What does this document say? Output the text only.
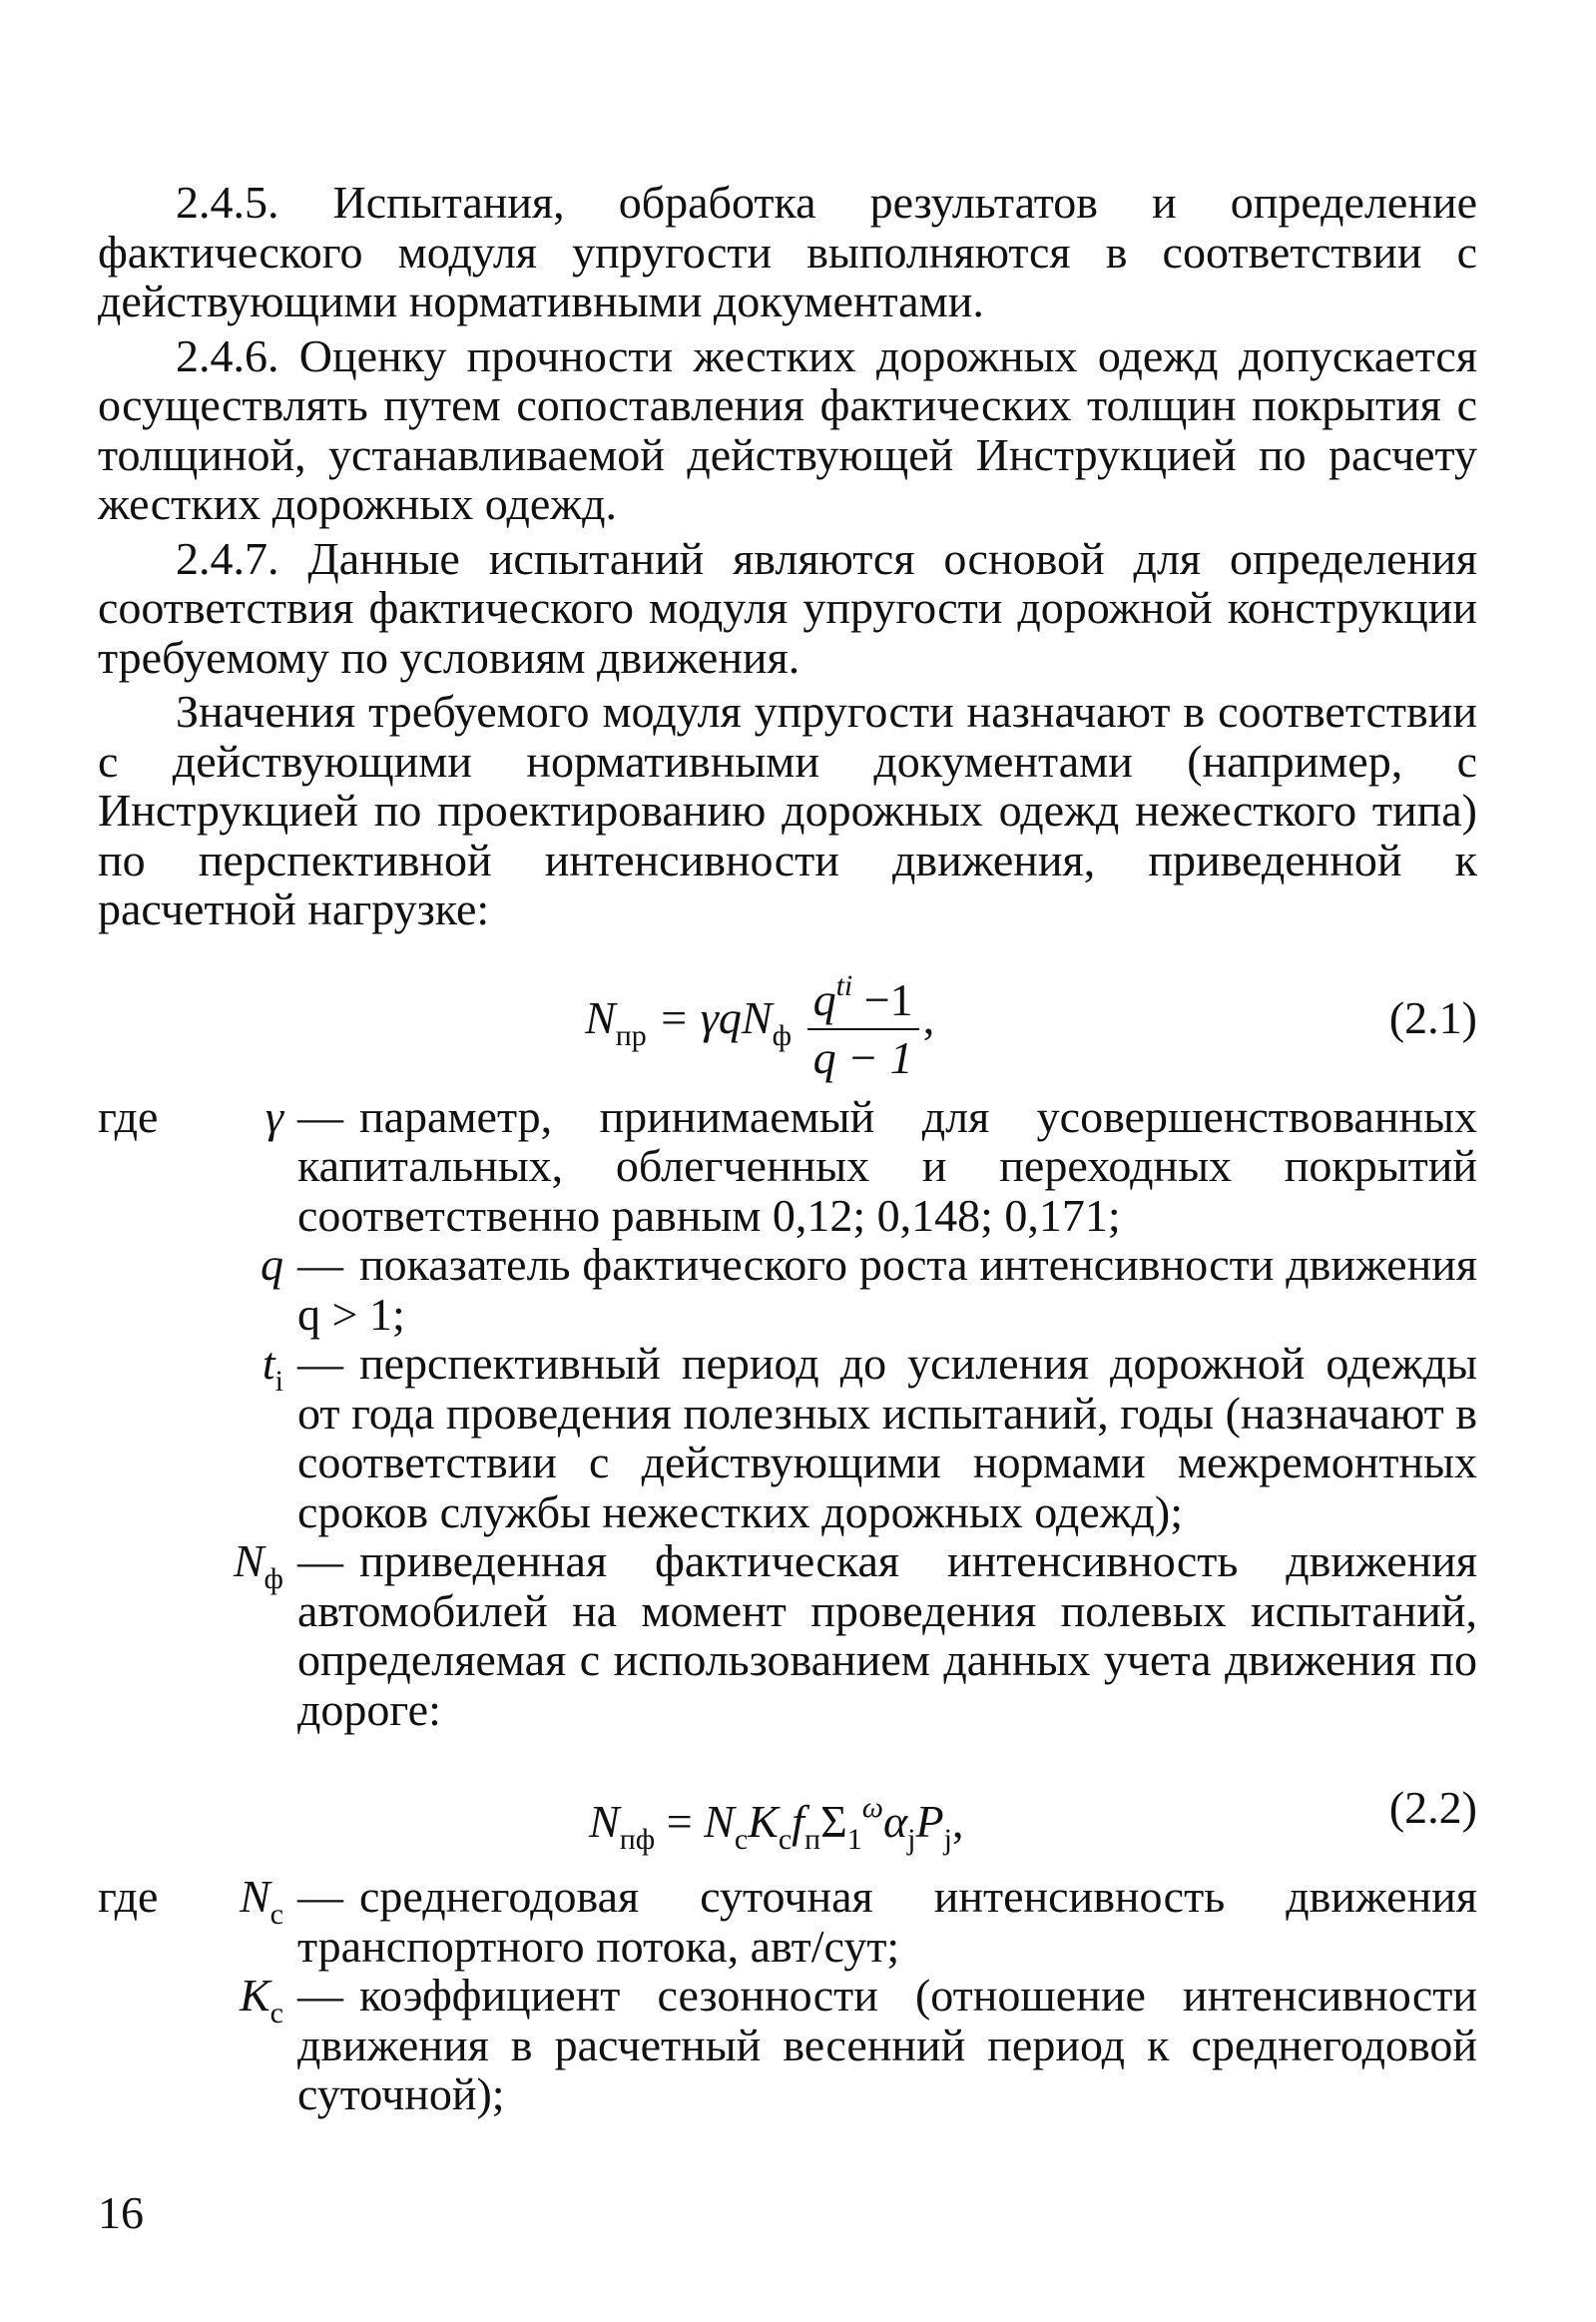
2.4.5. Испытания, обработка результатов и определение фактического модуля упругости выполняются в соответствии с действующими нормативными документами.

2.4.6. Оценку прочности жестких дорожных одежд допускается осуществлять путем сопоставления фактических толщин покрытия с толщиной, устанавливаемой действующей Инструкцией по расчету жестких дорожных одежд.

2.4.7. Данные испытаний являются основой для определения соответствия фактического модуля упругости дорожной конструкции требуемому по условиям движения.

Значения требуемого модуля упругости назначают в соответствии с действующими нормативными документами (например, с Инструкцией по проектированию дорожных одежд нежесткого типа) по перспективной интенсивности движения, приведенной к расчетной нагрузке:

$N_{пр} = \gamma qN_ф \frac{q^{ti} -1}{q - 1}$ ,	(2.1)
где γ — параметр, принимаемый для усовершенствованных капитальных, облегченных и переходных покрытий соответственно равным 0,12; 0,148; 0,171;
q — показатель фактического роста интенсивности движения q > 1;
$t_i$ — перспективный период до усиления дорожной одежды от года проведения полезных испытаний, годы (назначают в соответствии с действующими нормами межремонтных сроков службы нежестких дорожных одежд);
$N_ф$ — приведенная фактическая интенсивность движения автомобилей на момент проведения полевых испытаний, определяемая с использованием данных учета движения по дороге:
$N_{пф} = N_сK_сf_п\Sigma_1^\omega\alpha_jP_j$,	(2.2)
где $N_с$ — среднегодовая суточная интенсивность движения транспортного потока, авт/сут;
$K_с$ — коэффициент сезонности (отношение интенсивности движения в расчетный весенний период к среднегодовой суточной);
16
